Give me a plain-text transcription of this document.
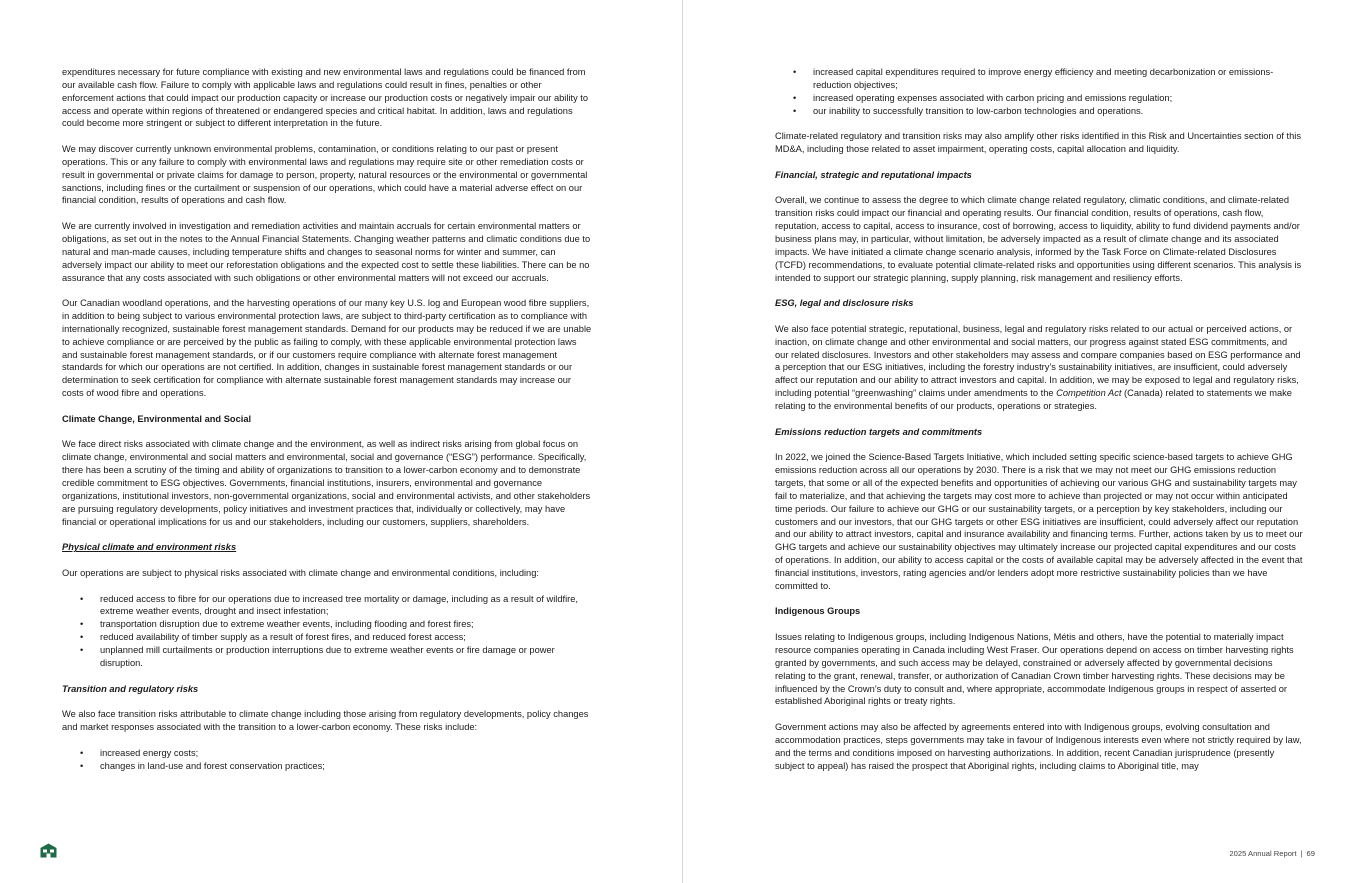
expenditures necessary for future compliance with existing and new environmental laws and regulations could be financed from our available cash flow. Failure to comply with applicable laws and regulations could result in fines, penalties or other enforcement actions that could impact our production capacity or increase our production costs or negatively impair our ability to access and operate within regions of threatened or endangered species and critical habitat. In addition, laws and regulations could become more stringent or subject to different interpretation in the future.

We may discover currently unknown environmental problems, contamination, or conditions relating to our past or present operations. This or any failure to comply with environmental laws and regulations may require site or other remediation costs or result in governmental or private claims for damage to person, property, natural resources or the environmental or governmental sanctions, including fines or the curtailment or suspension of our operations, which could have a material adverse effect on our financial condition, results of operations and cash flow.

We are currently involved in investigation and remediation activities and maintain accruals for certain environmental matters or obligations, as set out in the notes to the Annual Financial Statements. Changing weather patterns and climatic conditions due to natural and man-made causes, including temperature shifts and changes to seasonal norms for winter and summer, can adversely impact our ability to meet our reforestation obligations and the expected cost to settle these liabilities. There can be no assurance that any costs associated with such obligations or other environmental matters will not exceed our accruals.

Our Canadian woodland operations, and the harvesting operations of our many key U.S. log and European wood fibre suppliers, in addition to being subject to various environmental protection laws, are subject to third-party certification as to compliance with internationally recognized, sustainable forest management standards. Demand for our products may be reduced if we are unable to achieve compliance or are perceived by the public as failing to comply, with these applicable environmental protection laws and sustainable forest management standards, or if our customers require compliance with alternate forest management standards for which our operations are not certified. In addition, changes in sustainable forest management standards or our determination to seek certification for compliance with alternate sustainable forest management standards may increase our costs of wood fibre and operations.

Climate Change, Environmental and Social

We face direct risks associated with climate change and the environment, as well as indirect risks arising from global focus on climate change, environmental and social matters and environmental, social and governance (“ESG”) performance. Specifically, there has been a scrutiny of the timing and ability of organizations to transition to a lower-carbon economy and to demonstrate credible commitment to ESG objectives. Governments, financial institutions, insurers, environmental and governance organizations, institutional investors, non-governmental organizations, social and environmental activists, and other stakeholders are pursuing regulatory developments, policy initiatives and investment practices that, individually or collectively, may have financial or operational implications for us and our stakeholders, including our customers, suppliers, shareholders.

Physical climate and environment risks

Our operations are subject to physical risks associated with climate change and environmental conditions, including:

• reduced access to fibre for our operations due to increased tree mortality or damage, including as a result of wildfire, extreme weather events, drought and insect infestation;
• transportation disruption due to extreme weather events, including flooding and forest fires;
• reduced availability of timber supply as a result of forest fires, and reduced forest access;
• unplanned mill curtailments or production interruptions due to extreme weather events or fire damage or power disruption.
Transition and regulatory risks

We also face transition risks attributable to climate change including those arising from regulatory developments, policy changes and market responses associated with the transition to a lower-carbon economy. These risks include:

• increased energy costs;
• changes in land-use and forest conservation practices;
• increased capital expenditures required to improve energy efficiency and meeting decarbonization or emissions-reduction objectives;
• increased operating expenses associated with carbon pricing and emissions regulation;
• our inability to successfully transition to low-carbon technologies and operations.

Climate-related regulatory and transition risks may also amplify other risks identified in this Risk and Uncertainties section of this MD&A, including those related to asset impairment, operating costs, capital allocation and liquidity.

Financial, strategic and reputational impacts

Overall, we continue to assess the degree to which climate change related regulatory, climatic conditions, and climate-related transition risks could impact our financial and operating results. Our financial condition, results of operations, cash flow, reputation, access to capital, access to insurance, cost of borrowing, access to liquidity, ability to fund dividend payments and/or business plans may, in particular, without limitation, be adversely impacted as a result of climate change and its associated impacts. We have initiated a climate change scenario analysis, informed by the Task Force on Climate-related Disclosures (TCFD) recommendations, to evaluate potential climate-related risks and opportunities using different scenarios. This analysis is intended to support our strategic planning, supply planning, risk management and resiliency efforts.

ESG, legal and disclosure risks

We also face potential strategic, reputational, business, legal and regulatory risks related to our actual or perceived actions, or inaction, on climate change and other environmental and social matters, our progress against stated ESG commitments, and our related disclosures. Investors and other stakeholders may assess and compare companies based on ESG performance and a perception that our ESG initiatives, including the forestry industry’s sustainability initiatives, are insufficient, could adversely affect our reputation and our ability to attract investors and capital. In addition, we may be exposed to legal and regulatory risks, including potential “greenwashing” claims under amendments to the Competition Act (Canada) related to statements we make relating to the environmental benefits of our products, operations or strategies.

Emissions reduction targets and commitments

In 2022, we joined the Science-Based Targets Initiative, which included setting specific science-based targets to achieve GHG emissions reduction across all our operations by 2030. There is a risk that we may not meet our GHG emissions reduction targets, that some or all of the expected benefits and opportunities of achieving our various GHG and sustainability targets may fail to materialize, and that achieving the targets may cost more to achieve than projected or may not occur within anticipated time periods. Our failure to achieve our GHG or our sustainability targets, or a perception by key stakeholders, including our customers and our investors, that our GHG targets or other ESG initiatives are insufficient, could adversely affect our reputation and our ability to attract investors, capital and insurance availability and financing terms. Further, actions taken by us to meet our GHG targets and achieve our sustainability objectives may ultimately increase our projected capital expenditures and our costs of operations. In addition, our ability to access capital or the costs of available capital may be adversely affected in the event that financial institutions, investors, rating agencies and/or lenders adopt more restrictive sustainability policies than we have committed to.

Indigenous Groups

Issues relating to Indigenous groups, including Indigenous Nations, Métis and others, have the potential to materially impact resource companies operating in Canada including West Fraser. Our operations depend on access on timber harvesting rights granted by governments, and such access may be delayed, constrained or adversely affected by governmental decisions relating to the grant, renewal, transfer, or authorization of Canadian Crown timber harvesting rights. These decisions may be influenced by the Crown’s duty to consult and, where appropriate, accommodate Indigenous groups in respect of asserted or established Aboriginal rights or treaty rights.

Government actions may also be affected by agreements entered into with Indigenous groups, evolving consultation and accommodation practices, steps governments may take in favour of Indigenous interests even where not strictly required by law, and the terms and conditions imposed on harvesting authorizations. In addition, recent Canadian jurisprudence (presently subject to appeal) has raised the prospect that Aboriginal rights, including claims to Aboriginal title, may

2025 Annual Report | 69
